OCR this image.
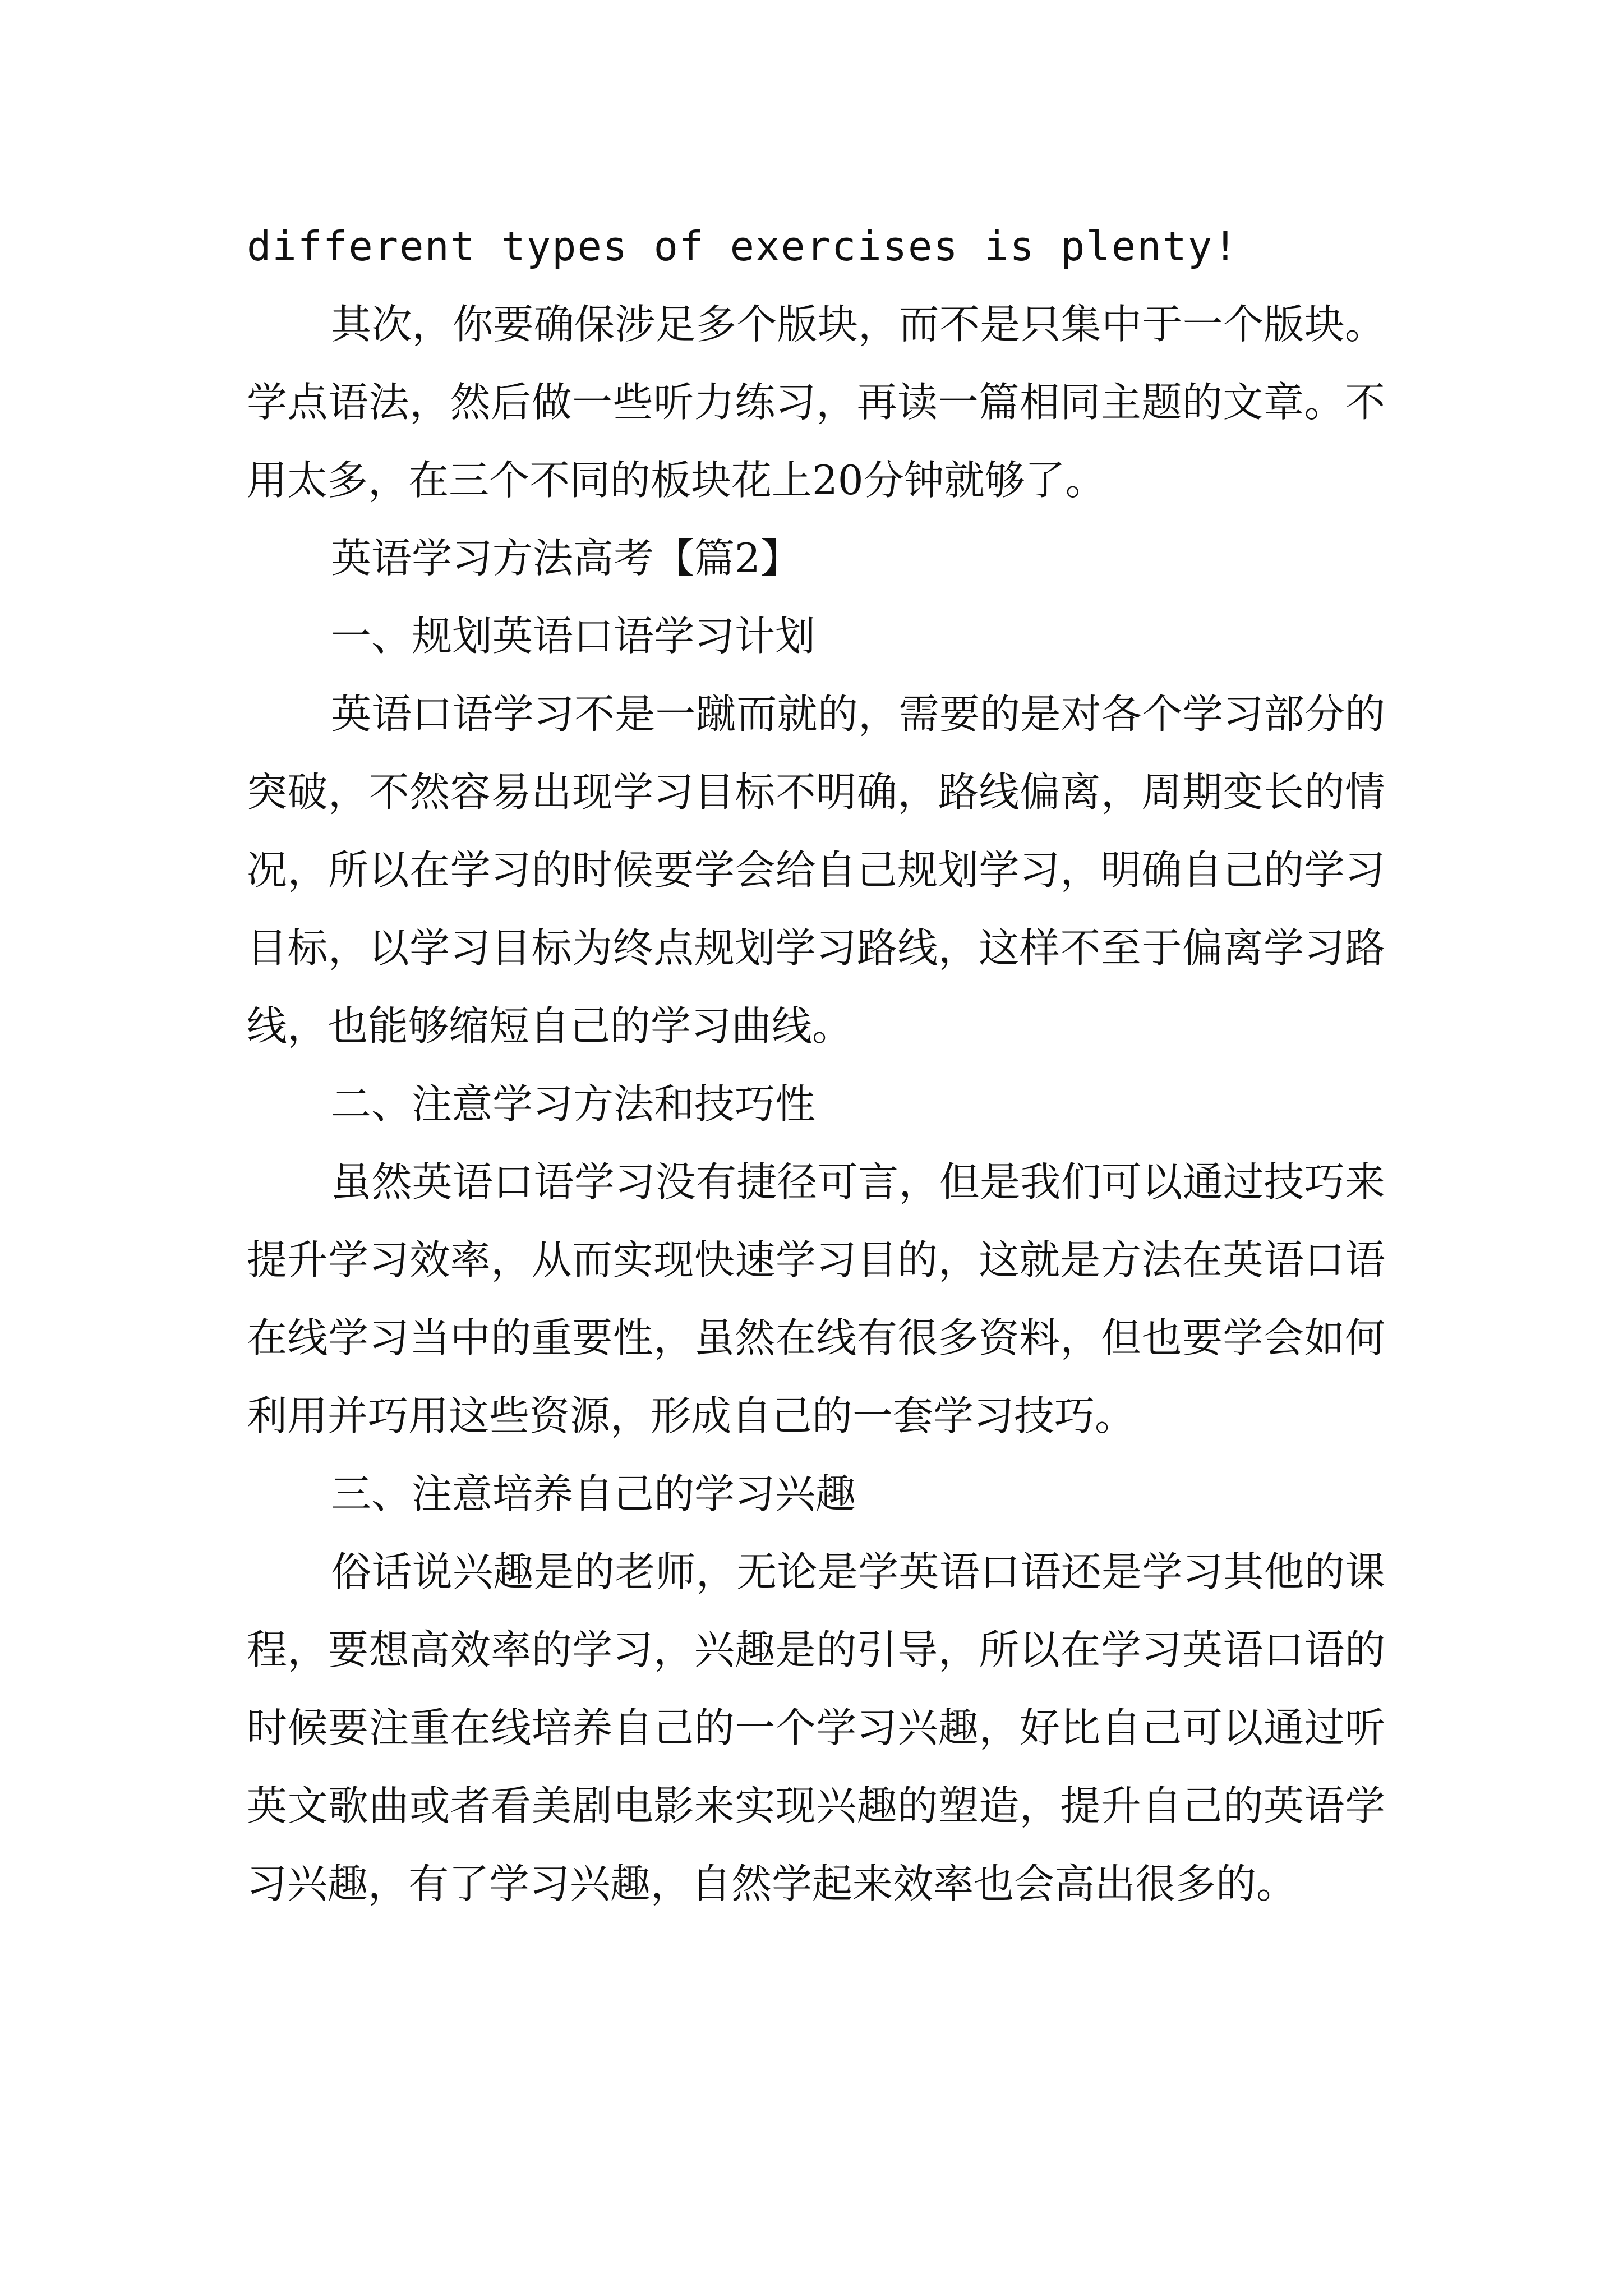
different types of exercises is plenty!

其次，你要确保涉足多个版块，而不是只集中于一个版块。学点语法，然后做一些听力练习，再读一篇相同主题的文章。不用太多，在三个不同的板块花上20分钟就够了。

英语学习方法高考【篇2】

一、规划英语口语学习计划

英语口语学习不是一蹴而就的，需要的是对各个学习部分的突破，不然容易出现学习目标不明确，路线偏离，周期变长的情况，所以在学习的时候要学会给自己规划学习，明确自己的学习目标，以学习目标为终点规划学习路线，这样不至于偏离学习路线，也能够缩短自己的学习曲线。

二、注意学习方法和技巧性

虽然英语口语学习没有捷径可言，但是我们可以通过技巧来提升学习效率，从而实现快速学习目的，这就是方法在英语口语在线学习当中的重要性，虽然在线有很多资料，但也要学会如何利用并巧用这些资源，形成自己的一套学习技巧。

三、注意培养自己的学习兴趣

俗话说兴趣是的老师，无论是学英语口语还是学习其他的课程，要想高效率的学习，兴趣是的引导，所以在学习英语口语的时候要注重在线培养自己的一个学习兴趣，好比自己可以通过听英文歌曲或者看美剧电影来实现兴趣的塑造，提升自己的英语学习兴趣，有了学习兴趣，自然学起来效率也会高出很多的。
